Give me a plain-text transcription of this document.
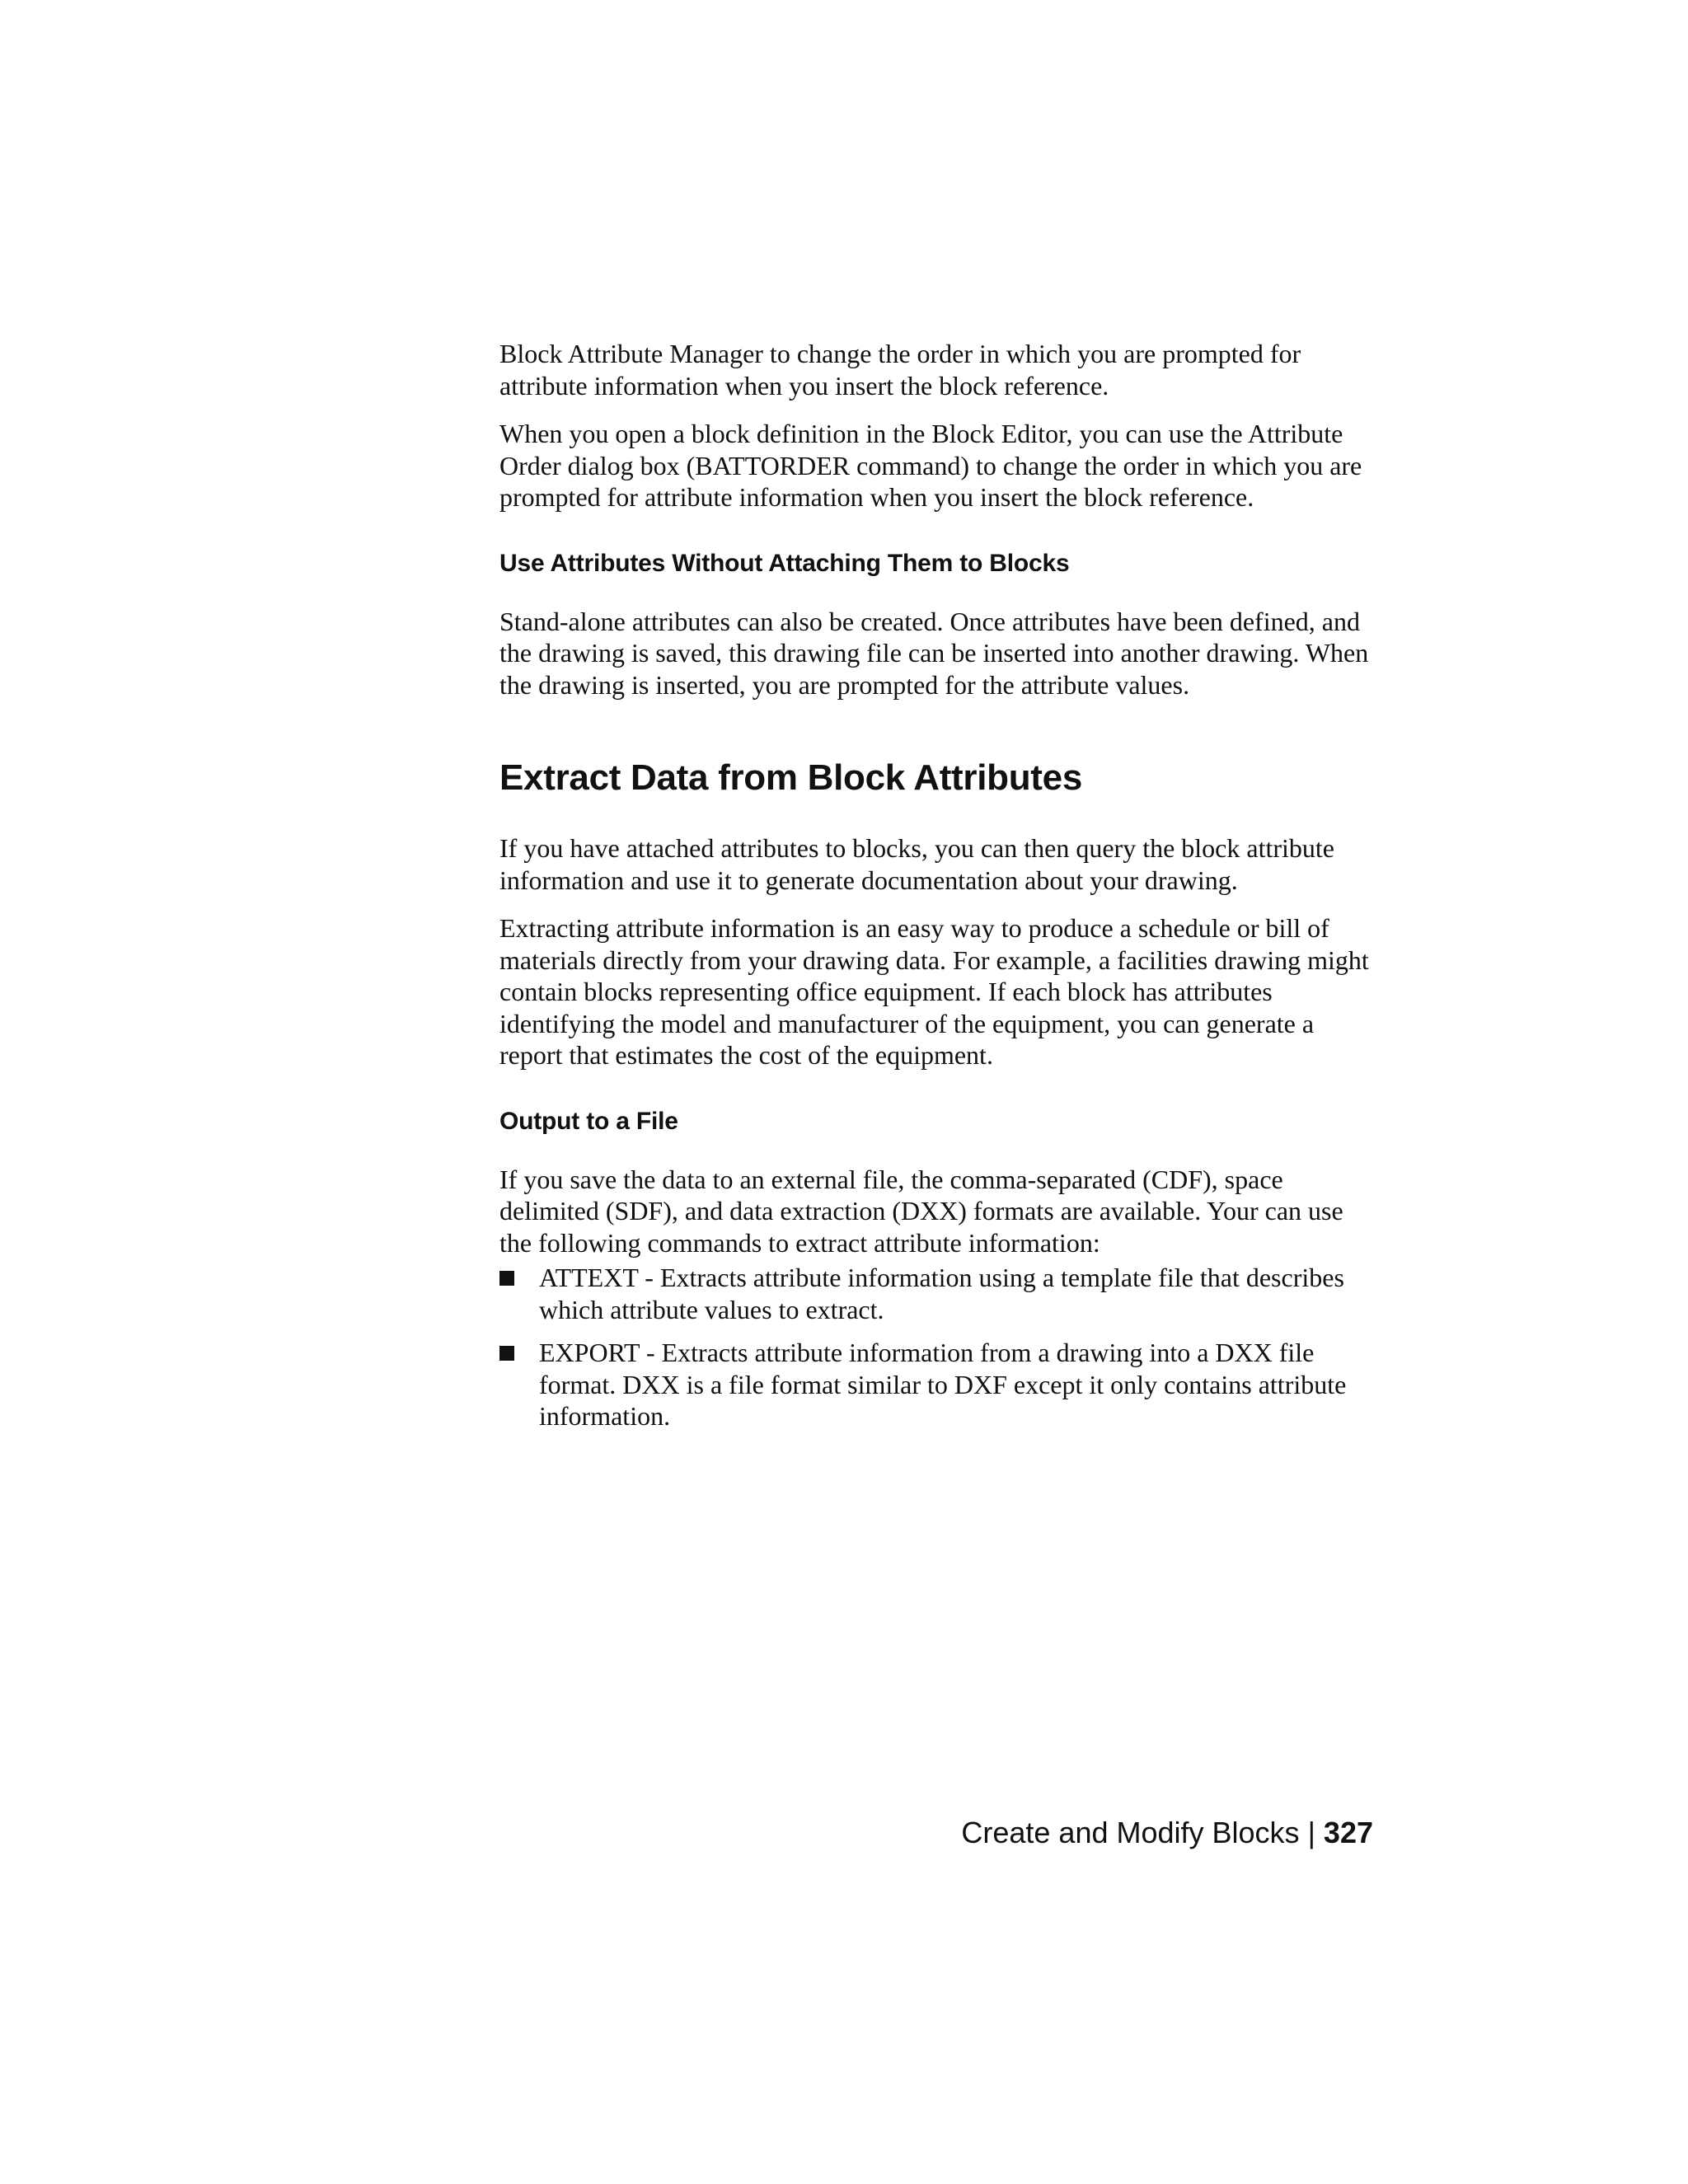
Block Attribute Manager to change the order in which you are prompted for attribute information when you insert the block reference.

When you open a block definition in the Block Editor, you can use the Attribute Order dialog box (BATTORDER command) to change the order in which you are prompted for attribute information when you insert the block reference.

Use Attributes Without Attaching Them to Blocks

Stand-alone attributes can also be created. Once attributes have been defined, and the drawing is saved, this drawing file can be inserted into another drawing. When the drawing is inserted, you are prompted for the attribute values.

Extract Data from Block Attributes

If you have attached attributes to blocks, you can then query the block attribute information and use it to generate documentation about your drawing.

Extracting attribute information is an easy way to produce a schedule or bill of materials directly from your drawing data. For example, a facilities drawing might contain blocks representing office equipment. If each block has attributes identifying the model and manufacturer of the equipment, you can generate a report that estimates the cost of the equipment.

Output to a File

If you save the data to an external file, the comma-separated (CDF), space delimited (SDF), and data extraction (DXX) formats are available. Your can use the following commands to extract attribute information:

ATTEXT - Extracts attribute information using a template file that describes which attribute values to extract.
EXPORT - Extracts attribute information from a drawing into a DXX file format. DXX is a file format similar to DXF except it only contains attribute information.
Create and Modify Blocks | 327
